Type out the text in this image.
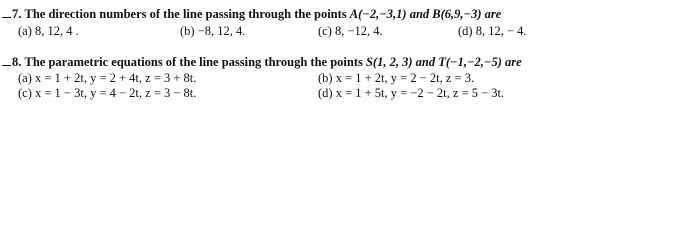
7. The direction numbers of the line passing through the points A(−2,−3,1) and B(6,9,−3) are
(a) 8, 12, 4 .	(b) −8, 12, 4.	(c) 8, −12, 4.	(d) 8, 12, − 4.
8. The parametric equations of the line passing through the points S(1, 2, 3) and T(−1,−2,−5) are
(a) x = 1 + 2t, y = 2 + 4t, z = 3 + 8t.	(b) x = 1 + 2t, y = 2 − 2t, z = 3.
(c) x = 1 − 3t, y = 4 − 2t, z = 3 − 8t.	(d) x = 1 + 5t, y = −2 − 2t, z = 5 − 3t.
